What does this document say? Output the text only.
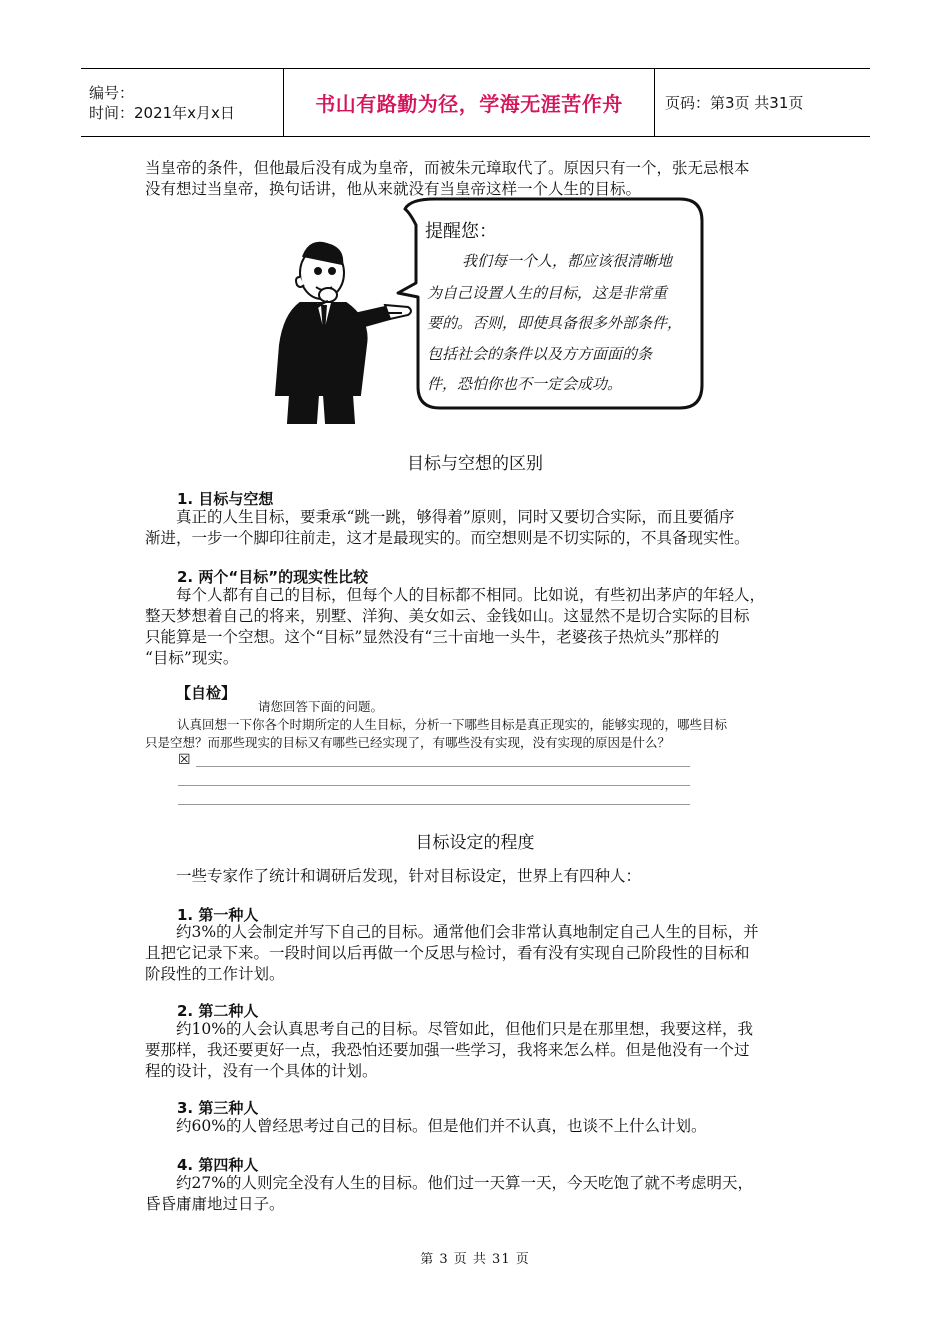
编号：
时间：2021年x月x日	书山有路勤为径，学海无涯苦作舟	页码：第3页 共31页
当皇帝的条件，但他最后没有成为皇帝，而被朱元璋取代了。原因只有一个，张无忌根本
没有想过当皇帝，换句话讲，他从来就没有当皇帝这样一个人生的目标。
提醒您：
我们每一个人，都应该很清晰地
为自己设置人生的目标，这是非常重
要的。否则，即使具备很多外部条件，
包括社会的条件以及方方面面的条
件，恐怕你也不一定会成功。
目标与空想的区别
1. 目标与空想
真正的人生目标，要秉承“跳一跳，够得着”原则，同时又要切合实际，而且要循序
渐进，一步一个脚印往前走，这才是最现实的。而空想则是不切实际的，不具备现实性。
2. 两个“目标”的现实性比较
每个人都有自己的目标，但每个人的目标都不相同。比如说，有些初出茅庐的年轻人，
整天梦想着自己的将来，别墅、洋狗、美女如云、金钱如山。这显然不是切合实际的目标
只能算是一个空想。这个“目标”显然没有“三十亩地一头牛，老婆孩子热炕头”那样的
“目标”现实。
【自检】
请您回答下面的问题。
认真回想一下你各个时期所定的人生目标，分析一下哪些目标是真正现实的，能够实现的，哪些目标
只是空想？而那些现实的目标又有哪些已经实现了，有哪些没有实现，没有实现的原因是什么？
☒
目标设定的程度
一些专家作了统计和调研后发现，针对目标设定，世界上有四种人：
1. 第一种人
约3%的人会制定并写下自己的目标。通常他们会非常认真地制定自己人生的目标，并
且把它记录下来。一段时间以后再做一个反思与检讨，看有没有实现自己阶段性的目标和
阶段性的工作计划。
2. 第二种人
约10%的人会认真思考自己的目标。尽管如此，但他们只是在那里想，我要这样，我
要那样，我还要更好一点，我恐怕还要加强一些学习，我将来怎么样。但是他没有一个过
程的设计，没有一个具体的计划。
3. 第三种人
约60%的人曾经思考过自己的目标。但是他们并不认真，也谈不上什么计划。
4. 第四种人
约27%的人则完全没有人生的目标。他们过一天算一天，今天吃饱了就不考虑明天，
昏昏庸庸地过日子。
第 3 页 共 31 页
